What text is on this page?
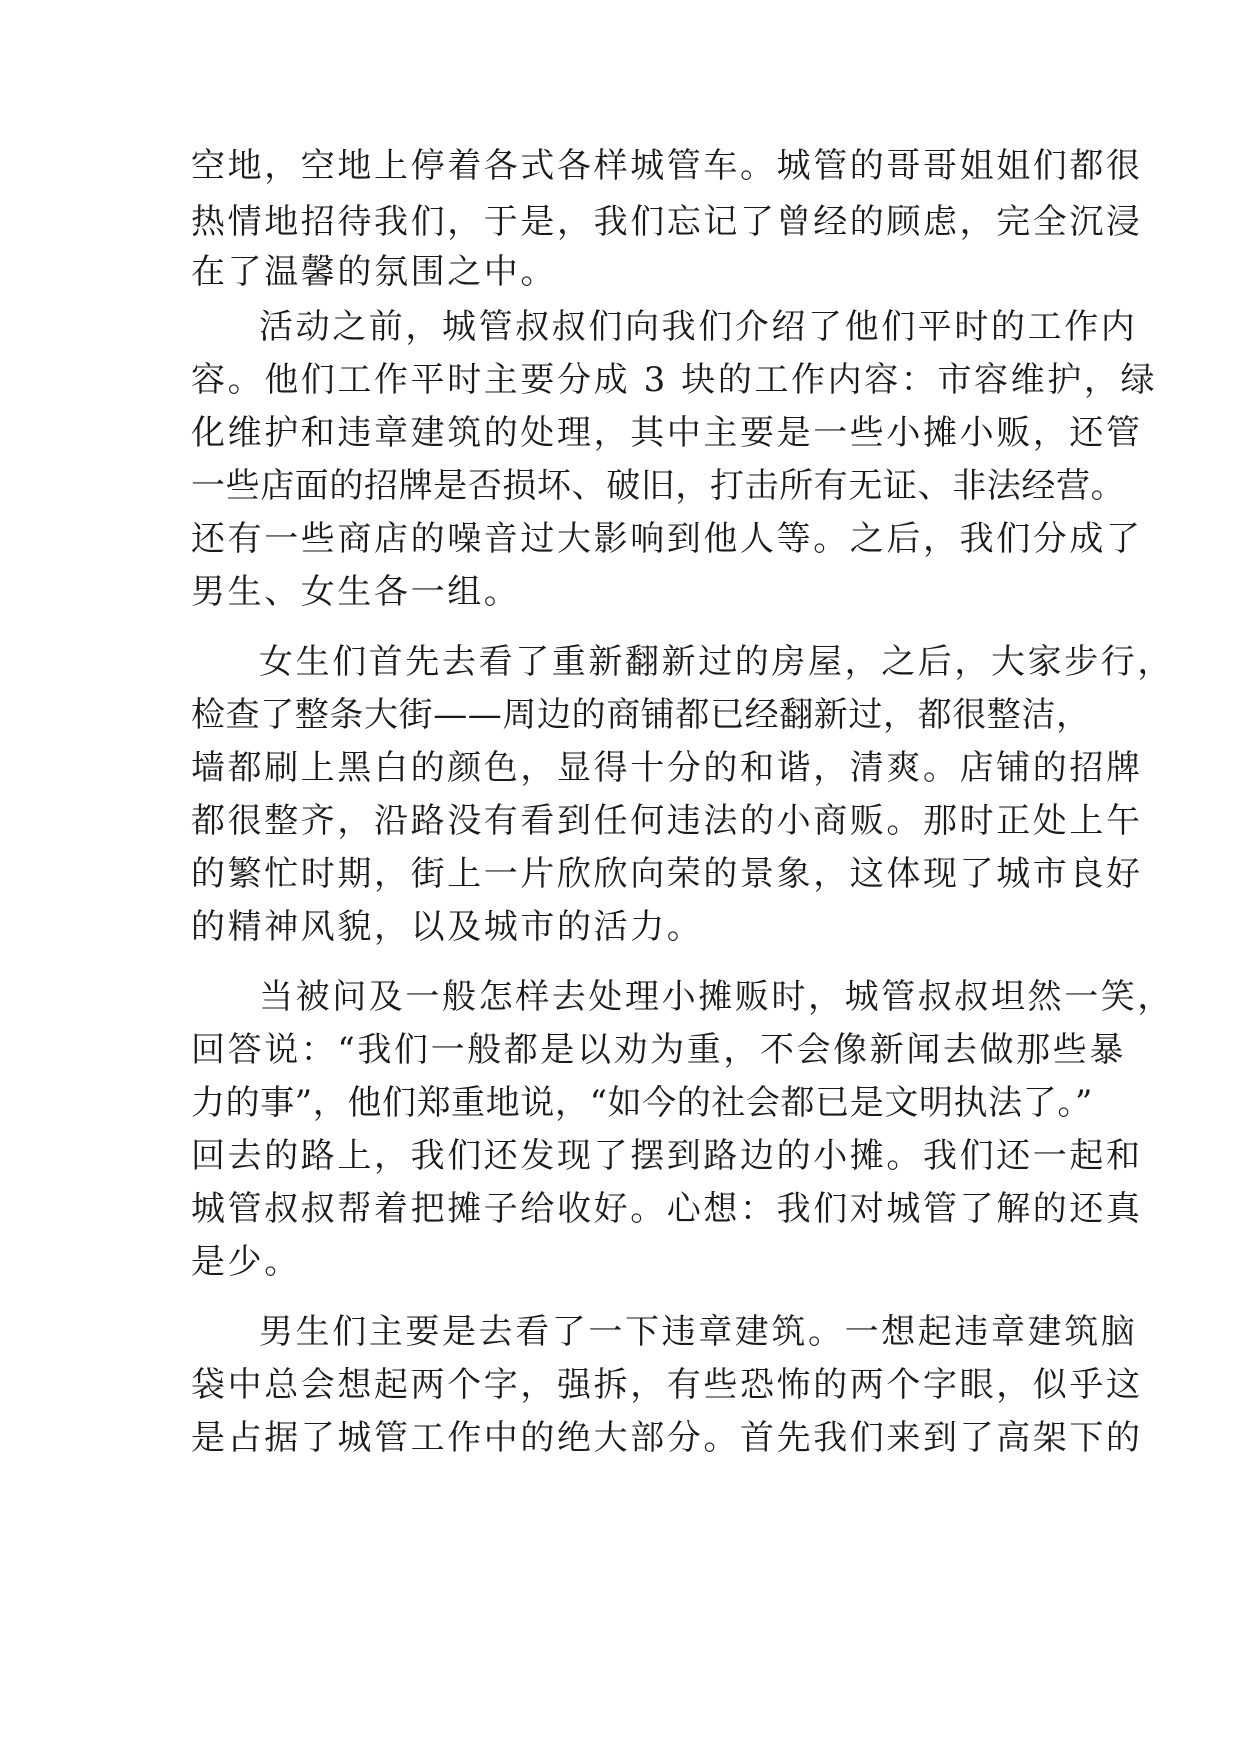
空地，空地上停着各式各样城管车。城管的哥哥姐姐们都很

热情地招待我们，于是，我们忘记了曾经的顾虑，完全沉浸

在了温馨的氛围之中。

活动之前，城管叔叔们向我们介绍了他们平时的工作内

容。他们工作平时主要分成 3 块的工作内容：市容维护，绿

化维护和违章建筑的处理，其中主要是一些小摊小贩，还管

一些店面的招牌是否损坏、破旧，打击所有无证、非法经营。

还有一些商店的噪音过大影响到他人等。之后，我们分成了

男生、女生各一组。

女生们首先去看了重新翻新过的房屋，之后，大家步行，

检查了整条大街——周边的商铺都已经翻新过，都很整洁，

墙都刷上黑白的颜色，显得十分的和谐，清爽。店铺的招牌

都很整齐，沿路没有看到任何违法的小商贩。那时正处上午

的繁忙时期，街上一片欣欣向荣的景象，这体现了城市良好

的精神风貌，以及城市的活力。

当被问及一般怎样去处理小摊贩时，城管叔叔坦然一笑，

回答说：“我们一般都是以劝为重，不会像新闻去做那些暴

力的事”，他们郑重地说，“如今的社会都已是文明执法了。”

回去的路上，我们还发现了摆到路边的小摊。我们还一起和

城管叔叔帮着把摊子给收好。心想：我们对城管了解的还真

是少。

男生们主要是去看了一下违章建筑。一想起违章建筑脑

袋中总会想起两个字，强拆，有些恐怖的两个字眼，似乎这

是占据了城管工作中的绝大部分。首先我们来到了高架下的
